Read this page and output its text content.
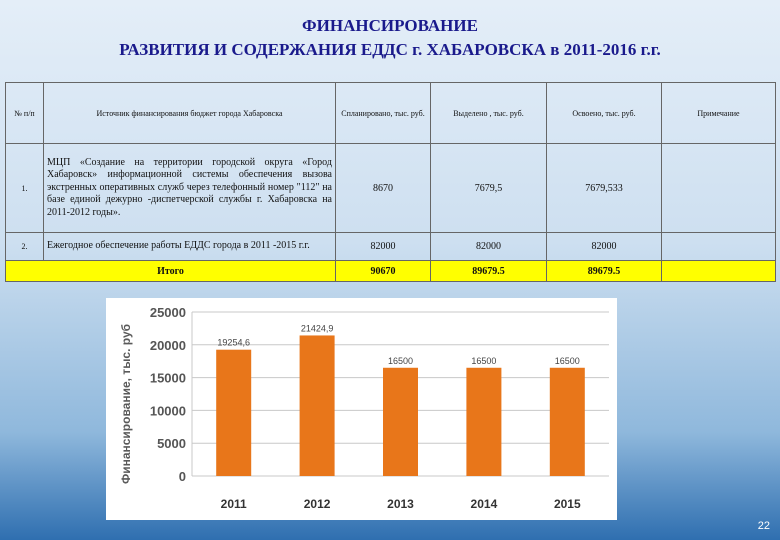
ФИНАНСИРОВАНИЕ
РАЗВИТИЯ И СОДЕРЖАНИЯ ЕДДС г. ХАБАРОВСКА в 2011-2016 г.г.
№ п/п	Источник финансирования бюджет города Хабаровска	Спланировано, тыс. руб.	Выделено , тыс. руб.	Освоено, тыс. руб.	Примечание
1.	МЦП «Создание на территории городской округа «Город Хабаровск» информационной системы обеспечения вызова экстренных оперативных служб через телефонный номер "112" на базе единой дежурно -диспетчерской службы г. Хабаровска на 2011-2012 годы».	8670	7679,5	7679,533	
2.	Ежегодное обеспечение работы ЕДДС города в 2011 -2015 г.г.	82000	82000	82000	
Итого		90670	89679.5	89679.5	
0
5000
10000
15000
20000
25000
Финансирование, тыс. руб	19254,6
2011
21424,9
2012
16500
2013
16500
2014
16500
2015
22
